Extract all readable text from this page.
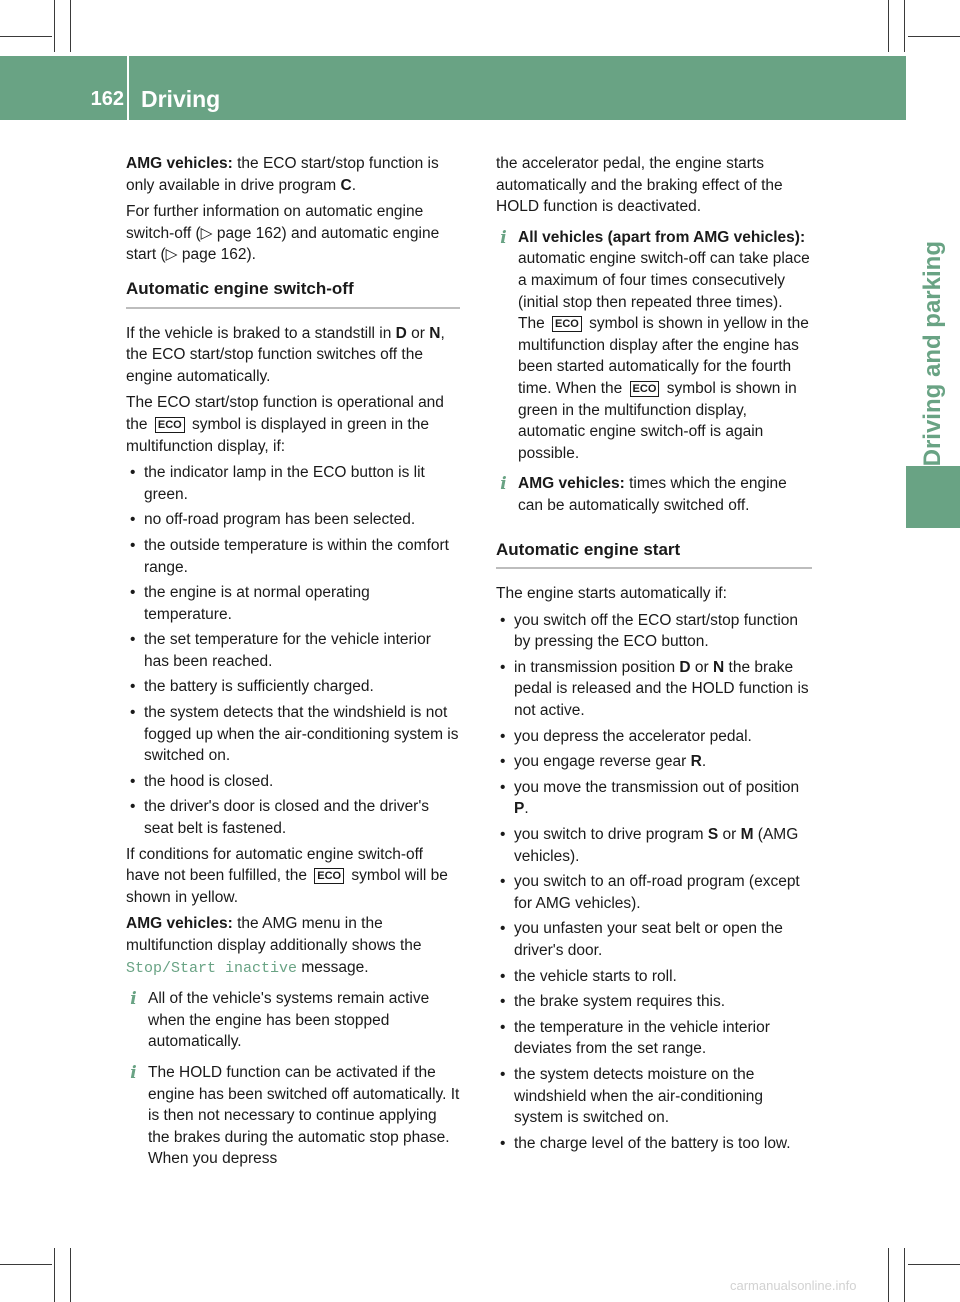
162 Driving
Driving and parking

AMG vehicles: the ECO start/stop function is only available in drive program C.

For further information on automatic engine switch-off (▷ page 162) and automatic engine start (▷ page 162).

Automatic engine switch-off

If the vehicle is braked to a standstill in D or N, the ECO start/stop function switches off the engine automatically.

The ECO start/stop function is operational and the ECO symbol is displayed in green in the multifunction display, if:

• the indicator lamp in the ECO button is lit green.
• no off-road program has been selected.
• the outside temperature is within the comfort range.
• the engine is at normal operating temperature.
• the set temperature for the vehicle interior has been reached.
• the battery is sufficiently charged.
• the system detects that the windshield is not fogged up when the air-conditioning system is switched on.
• the hood is closed.
• the driver's door is closed and the driver's seat belt is fastened.

If conditions for automatic engine switch-off have not been fulfilled, the ECO symbol will be shown in yellow.

AMG vehicles: the AMG menu in the multifunction display additionally shows the Stop/Start inactive message.

i All of the vehicle's systems remain active when the engine has been stopped automatically.
i The HOLD function can be activated if the engine has been switched off automatically. It is then not necessary to continue applying the brakes during the automatic stop phase. When you depress

the accelerator pedal, the engine starts automatically and the braking effect of the HOLD function is deactivated.

i All vehicles (apart from AMG vehicles): automatic engine switch-off can take place a maximum of four times consecutively (initial stop then repeated three times). The ECO symbol is shown in yellow in the multifunction display after the engine has been started automatically for the fourth time. When the ECO symbol is shown in green in the multifunction display, automatic engine switch-off is again possible.
i AMG vehicles: times which the engine can be automatically switched off.
Automatic engine start

The engine starts automatically if:

• you switch off the ECO start/stop function by pressing the ECO button.
• in transmission position D or N the brake pedal is released and the HOLD function is not active.
• you depress the accelerator pedal.
• you engage reverse gear R.
• you move the transmission out of position P.
• you switch to drive program S or M (AMG vehicles).
• you switch to an off-road program (except for AMG vehicles).
• you unfasten your seat belt or open the driver's door.
• the vehicle starts to roll.
• the brake system requires this.
• the temperature in the vehicle interior deviates from the set range.
• the system detects moisture on the windshield when the air-conditioning system is switched on.
• the charge level of the battery is too low.
carmanualsonline.info
